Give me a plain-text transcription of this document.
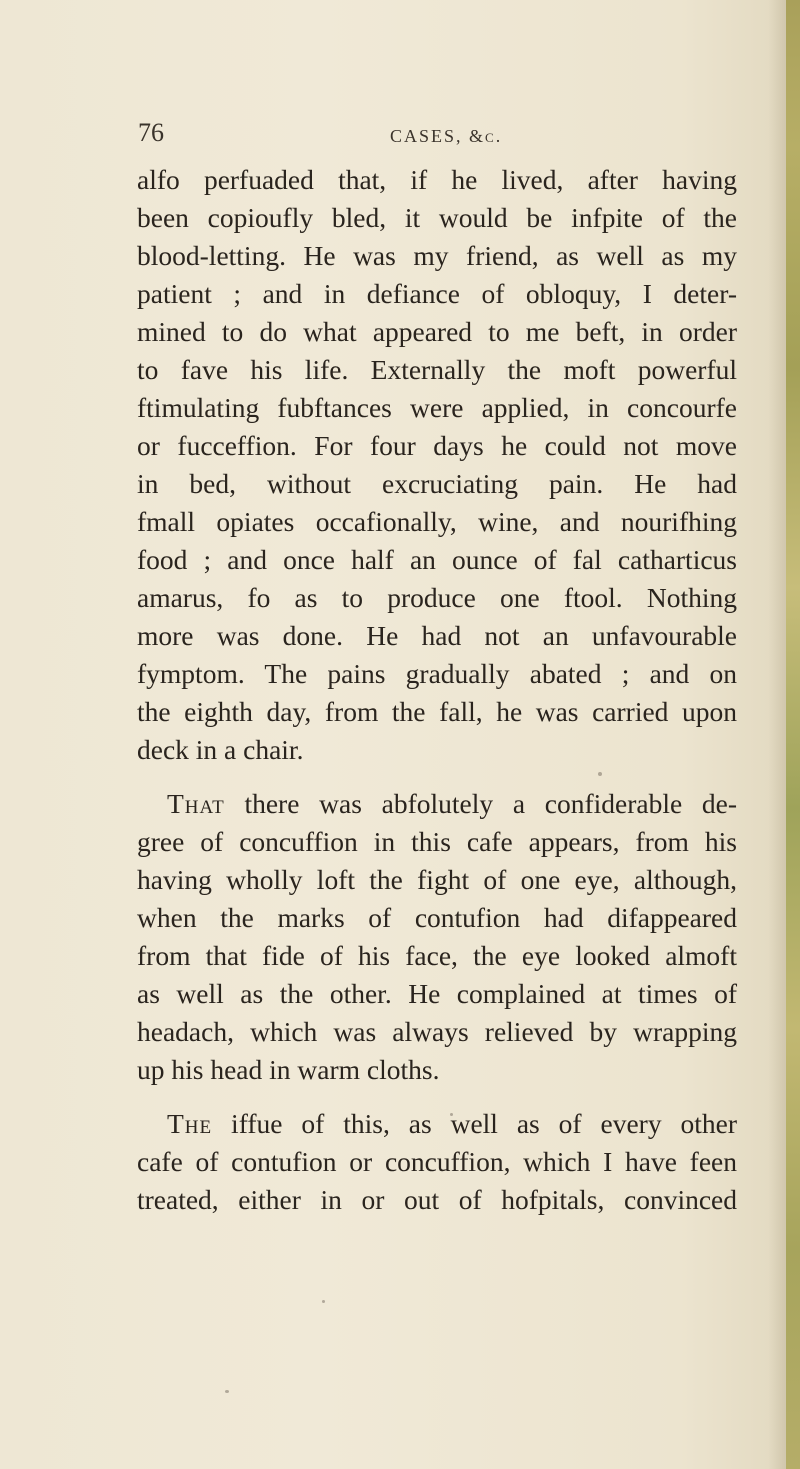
76	CASES, &c.
alfo perfuaded that, if he lived, after having
been copioufly bled, it would be infpite of the
blood-letting. He was my friend, as well as my
patient ; and in defiance of obloquy, I deter-
mined to do what appeared to me beft, in order
to fave his life. Externally the moft powerful
ftimulating fubftances were applied, in concourfe
or fucceffion. For four days he could not move
in bed, without excruciating pain. He had
fmall opiates occafionally, wine, and nourifhing
food ; and once half an ounce of fal catharticus
amarus, fo as to produce one ftool. Nothing
more was done. He had not an unfavourable
fymptom. The pains gradually abated ; and on
the eighth day, from the fall, he was carried upon
deck in a chair.
That there was abfolutely a confiderable de-
gree of concuffion in this cafe appears, from his
having wholly loft the fight of one eye, although,
when the marks of contufion had difappeared
from that fide of his face, the eye looked almoft
as well as the other. He complained at times of
headach, which was always relieved by wrapping
up his head in warm cloths.
The iffue of this, as well as of every other
cafe of contufion or concuffion, which I have feen
treated, either in or out of hofpitals, convinced
